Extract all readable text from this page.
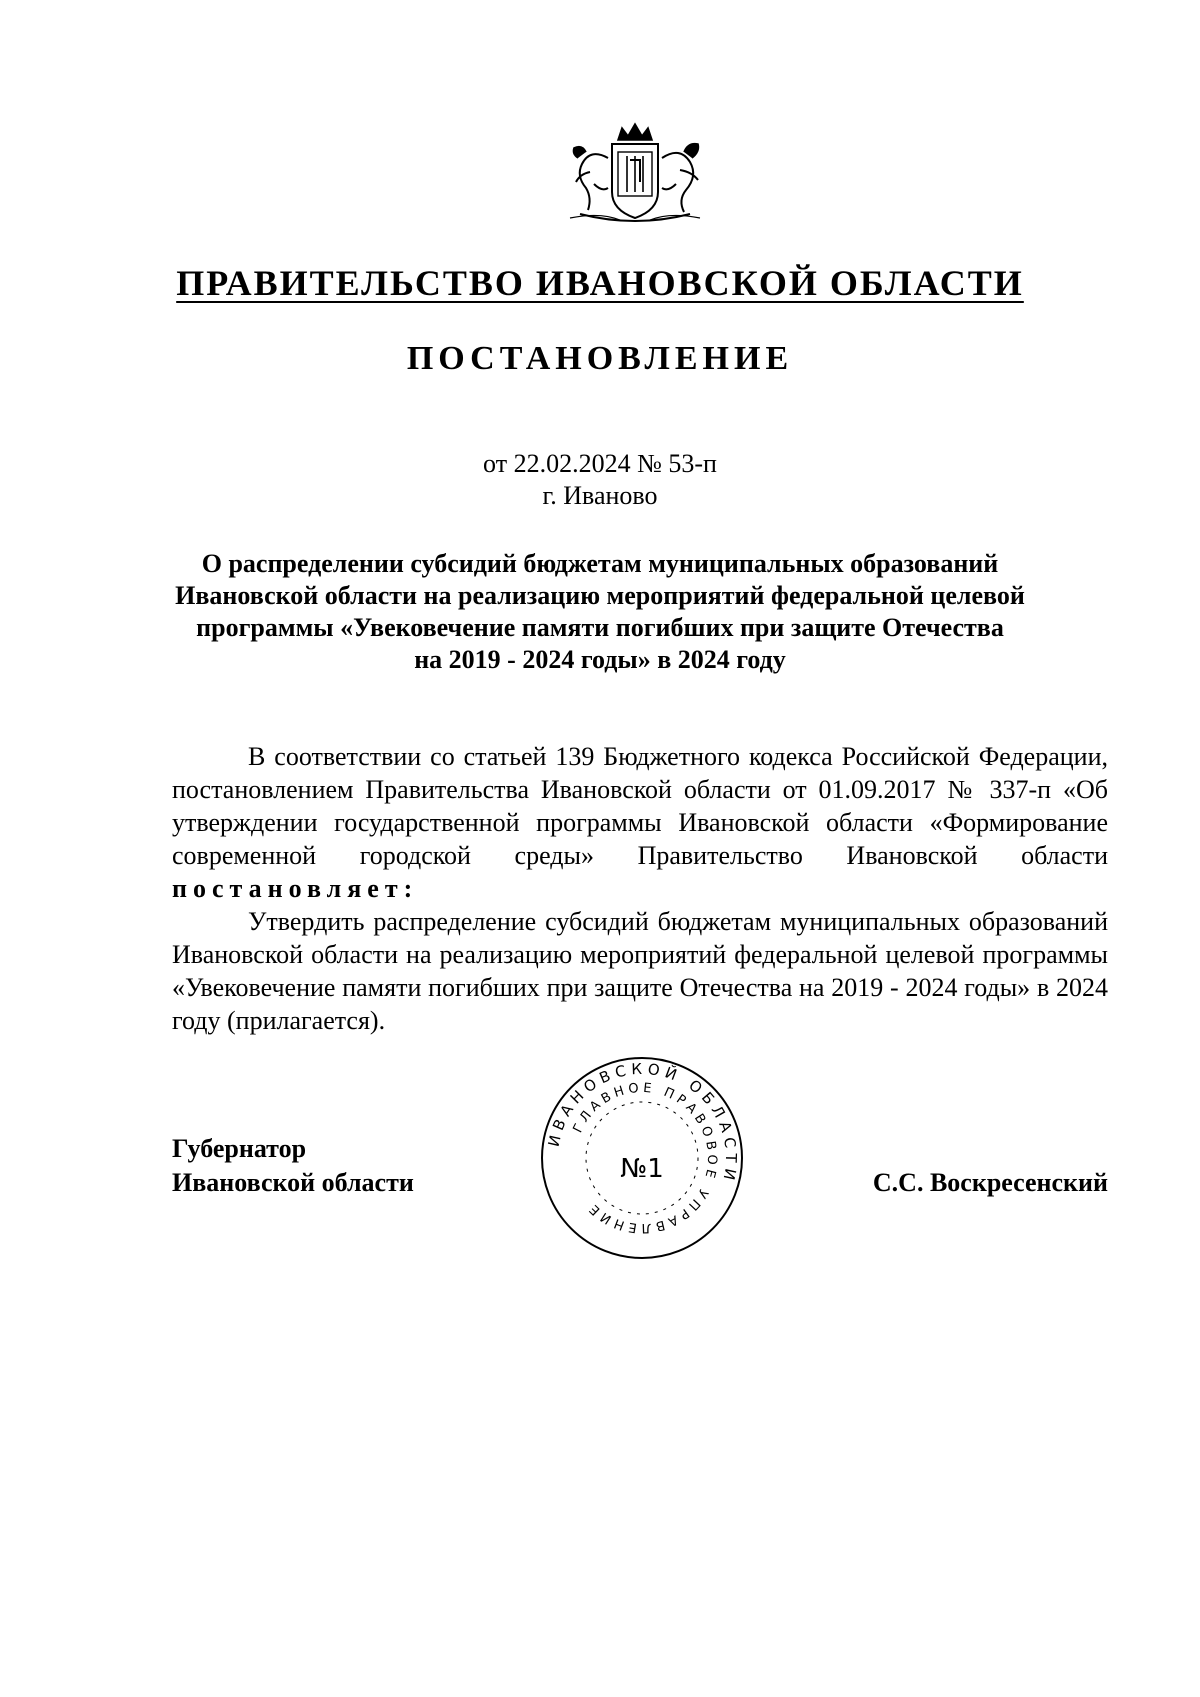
ПРАВИТЕЛЬСТВО ИВАНОВСКОЙ ОБЛАСТИ
ПОСТАНОВЛЕНИЕ
от 22.02.2024 № 53-п
г. Иваново
О распределении субсидий бюджетам муниципальных образований
Ивановской области на реализацию мероприятий федеральной целевой
программы «Увековечение памяти погибших при защите Отечества
на 2019 - 2024 годы» в 2024 году

В соответствии со статьей 139 Бюджетного кодекса Российской Федерации, постановлением Правительства Ивановской области от 01.09.2017 № 337-п «Об утверждении государственной программы Ивановской области «Формирование современной городской среды» Правительство Ивановской области постановляет:

Утвердить распределение субсидий бюджетам муниципальных образований Ивановской области на реализацию мероприятий федеральной целевой программы «Увековечение памяти погибших при защите Отечества на 2019 - 2024 годы» в 2024 году (прилагается).

Губернатор
Ивановской области
ИВАНОВСКОЙ ОБЛАСТИ
ГЛАВНОЕ ПРАВОВОЕ УПРАВЛЕНИЕ
№1	С.С. Воскресенский
